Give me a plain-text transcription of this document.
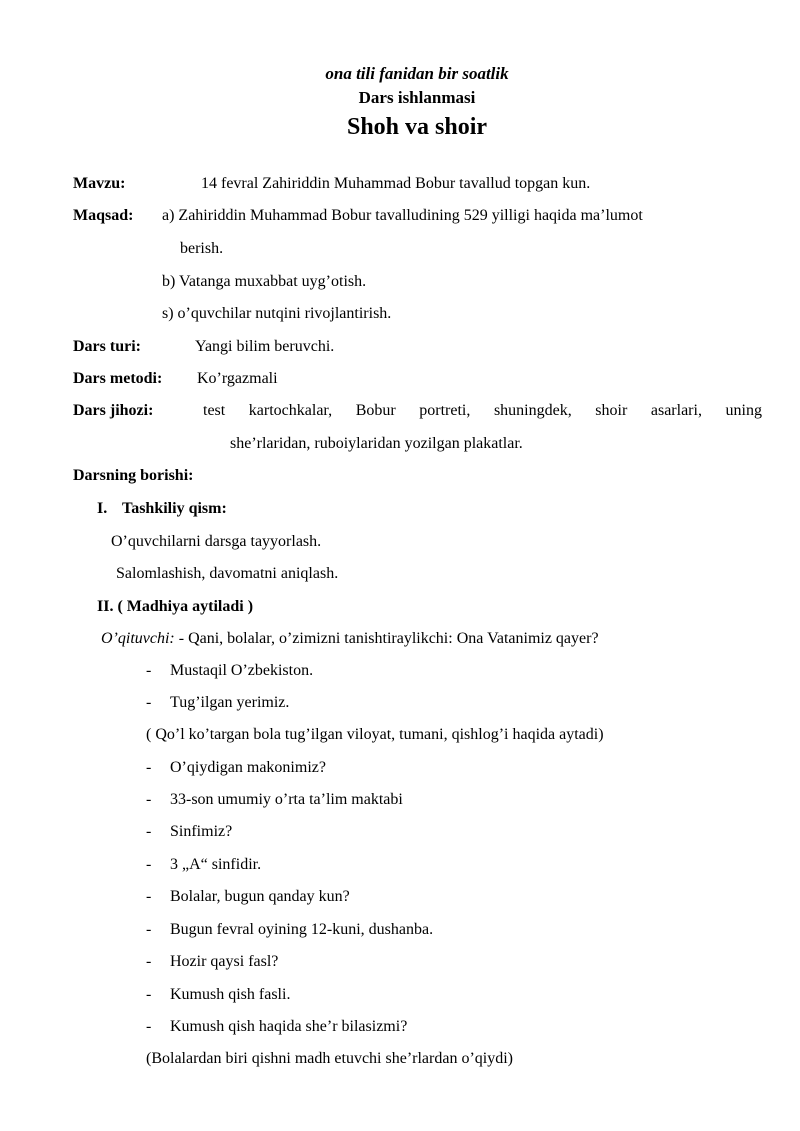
ona tili fanidan bir soatlik
Dars ishlanmasi
Shoh va shoir
Mavzu:	14 fevral Zahiriddin Muhammad Bobur tavallud topgan kun.
Maqsad: a) Zahiriddin Muhammad Bobur tavalludining 529 yilligi haqida ma’lumot
berish.
b) Vatanga muxabbat uyg’otish.
s) o’quvchilar nutqini rivojlantirish.
Dars turi:	Yangi bilim beruvchi.
Dars metodi: Ko’rgazmali
Dars jihozi:	test kartochkalar, Bobur portreti, shuningdek, shoir asarlari, uning
she’rlaridan, ruboiylaridan yozilgan plakatlar.
Darsning borishi:
I. Tashkiliy qism:
O’quvchilarni darsga tayyorlash.
Salomlashish, davomatni aniqlash.
II. ( Madhiya aytiladi )
O’qituvchi: - Qani, bolalar, o’zimizni tanishtiraylikchi: Ona Vatanimiz qayer?
- Mustaqil O’zbekiston.
- Tug’ilgan yerimiz.
( Qo’l ko’targan bola tug’ilgan viloyat, tumani, qishlog’i haqida aytadi)
- O’qiydigan makonimiz?
- 33-son umumiy o’rta ta’lim maktabi
- Sinfimiz?
- 3 „A“ sinfidir.
- Bolalar, bugun qanday kun?
- Bugun fevral oyining 12-kuni, dushanba.
- Hozir qaysi fasl?
- Kumush qish fasli.
- Kumush qish haqida she’r bilasizmi?
(Bolalardan biri qishni madh etuvchi she’rlardan o’qiydi)
